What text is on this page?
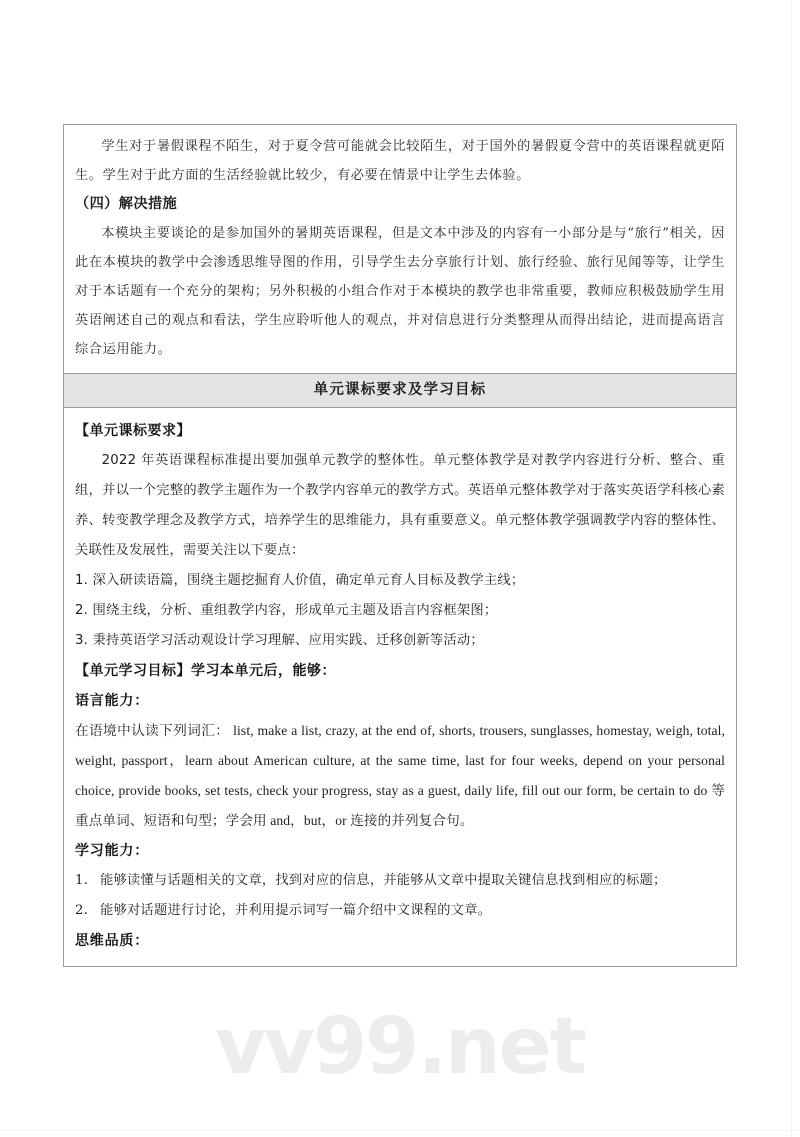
学生对于暑假课程不陌生，对于夏令营可能就会比较陌生，对于国外的暑假夏令营中的英语课程就更陌生。学生对于此方面的生活经验就比较少，有必要在情景中让学生去体验。

（四）解决措施

本模块主要谈论的是参加国外的暑期英语课程，但是文本中涉及的内容有一小部分是与“旅行”相关，因此在本模块的教学中会渗透思维导图的作用，引导学生去分享旅行计划、旅行经验、旅行见闻等等，让学生对于本话题有一个充分的架构；另外积极的小组合作对于本模块的教学也非常重要，教师应积极鼓励学生用英语阐述自己的观点和看法，学生应聆听他人的观点，并对信息进行分类整理从而得出结论，进而提高语言综合运用能力。

单元课标要求及学习目标

【单元课标要求】

2022 年英语课程标准提出要加强单元教学的整体性。单元整体教学是对教学内容进行分析、整合、重组，并以一个完整的教学主题作为一个教学内容单元的教学方式。英语单元整体教学对于落实英语学科核心素养、转变教学理念及教学方式，培养学生的思维能力，具有重要意义。单元整体教学强调教学内容的整体性、关联性及发展性，需要关注以下要点：

1. 深入研读语篇，围绕主题挖掘育人价值，确定单元育人目标及教学主线；

2. 围绕主线，分析、重组教学内容，形成单元主题及语言内容框架图；

3. 秉持英语学习活动观设计学习理解、应用实践、迁移创新等活动；

【单元学习目标】学习本单元后，能够：

语言能力：

在语境中认读下列词汇： list, make a list, crazy, at the end of, shorts, trousers, sunglasses, homestay, weigh, total, weight, passport，learn about American culture, at the same time, last for four weeks, depend on your personal choice, provide books, set tests, check your progress, stay as a guest, daily life, fill out our form, be certain to do 等重点单词、短语和句型；学会用 and，but，or 连接的并列复合句。

学习能力：

1. 能够读懂与话题相关的文章，找到对应的信息，并能够从文章中提取关键信息找到相应的标题；

2. 能够对话题进行讨论，并利用提示词写一篇介绍中文课程的文章。

思维品质：

vv99.net
